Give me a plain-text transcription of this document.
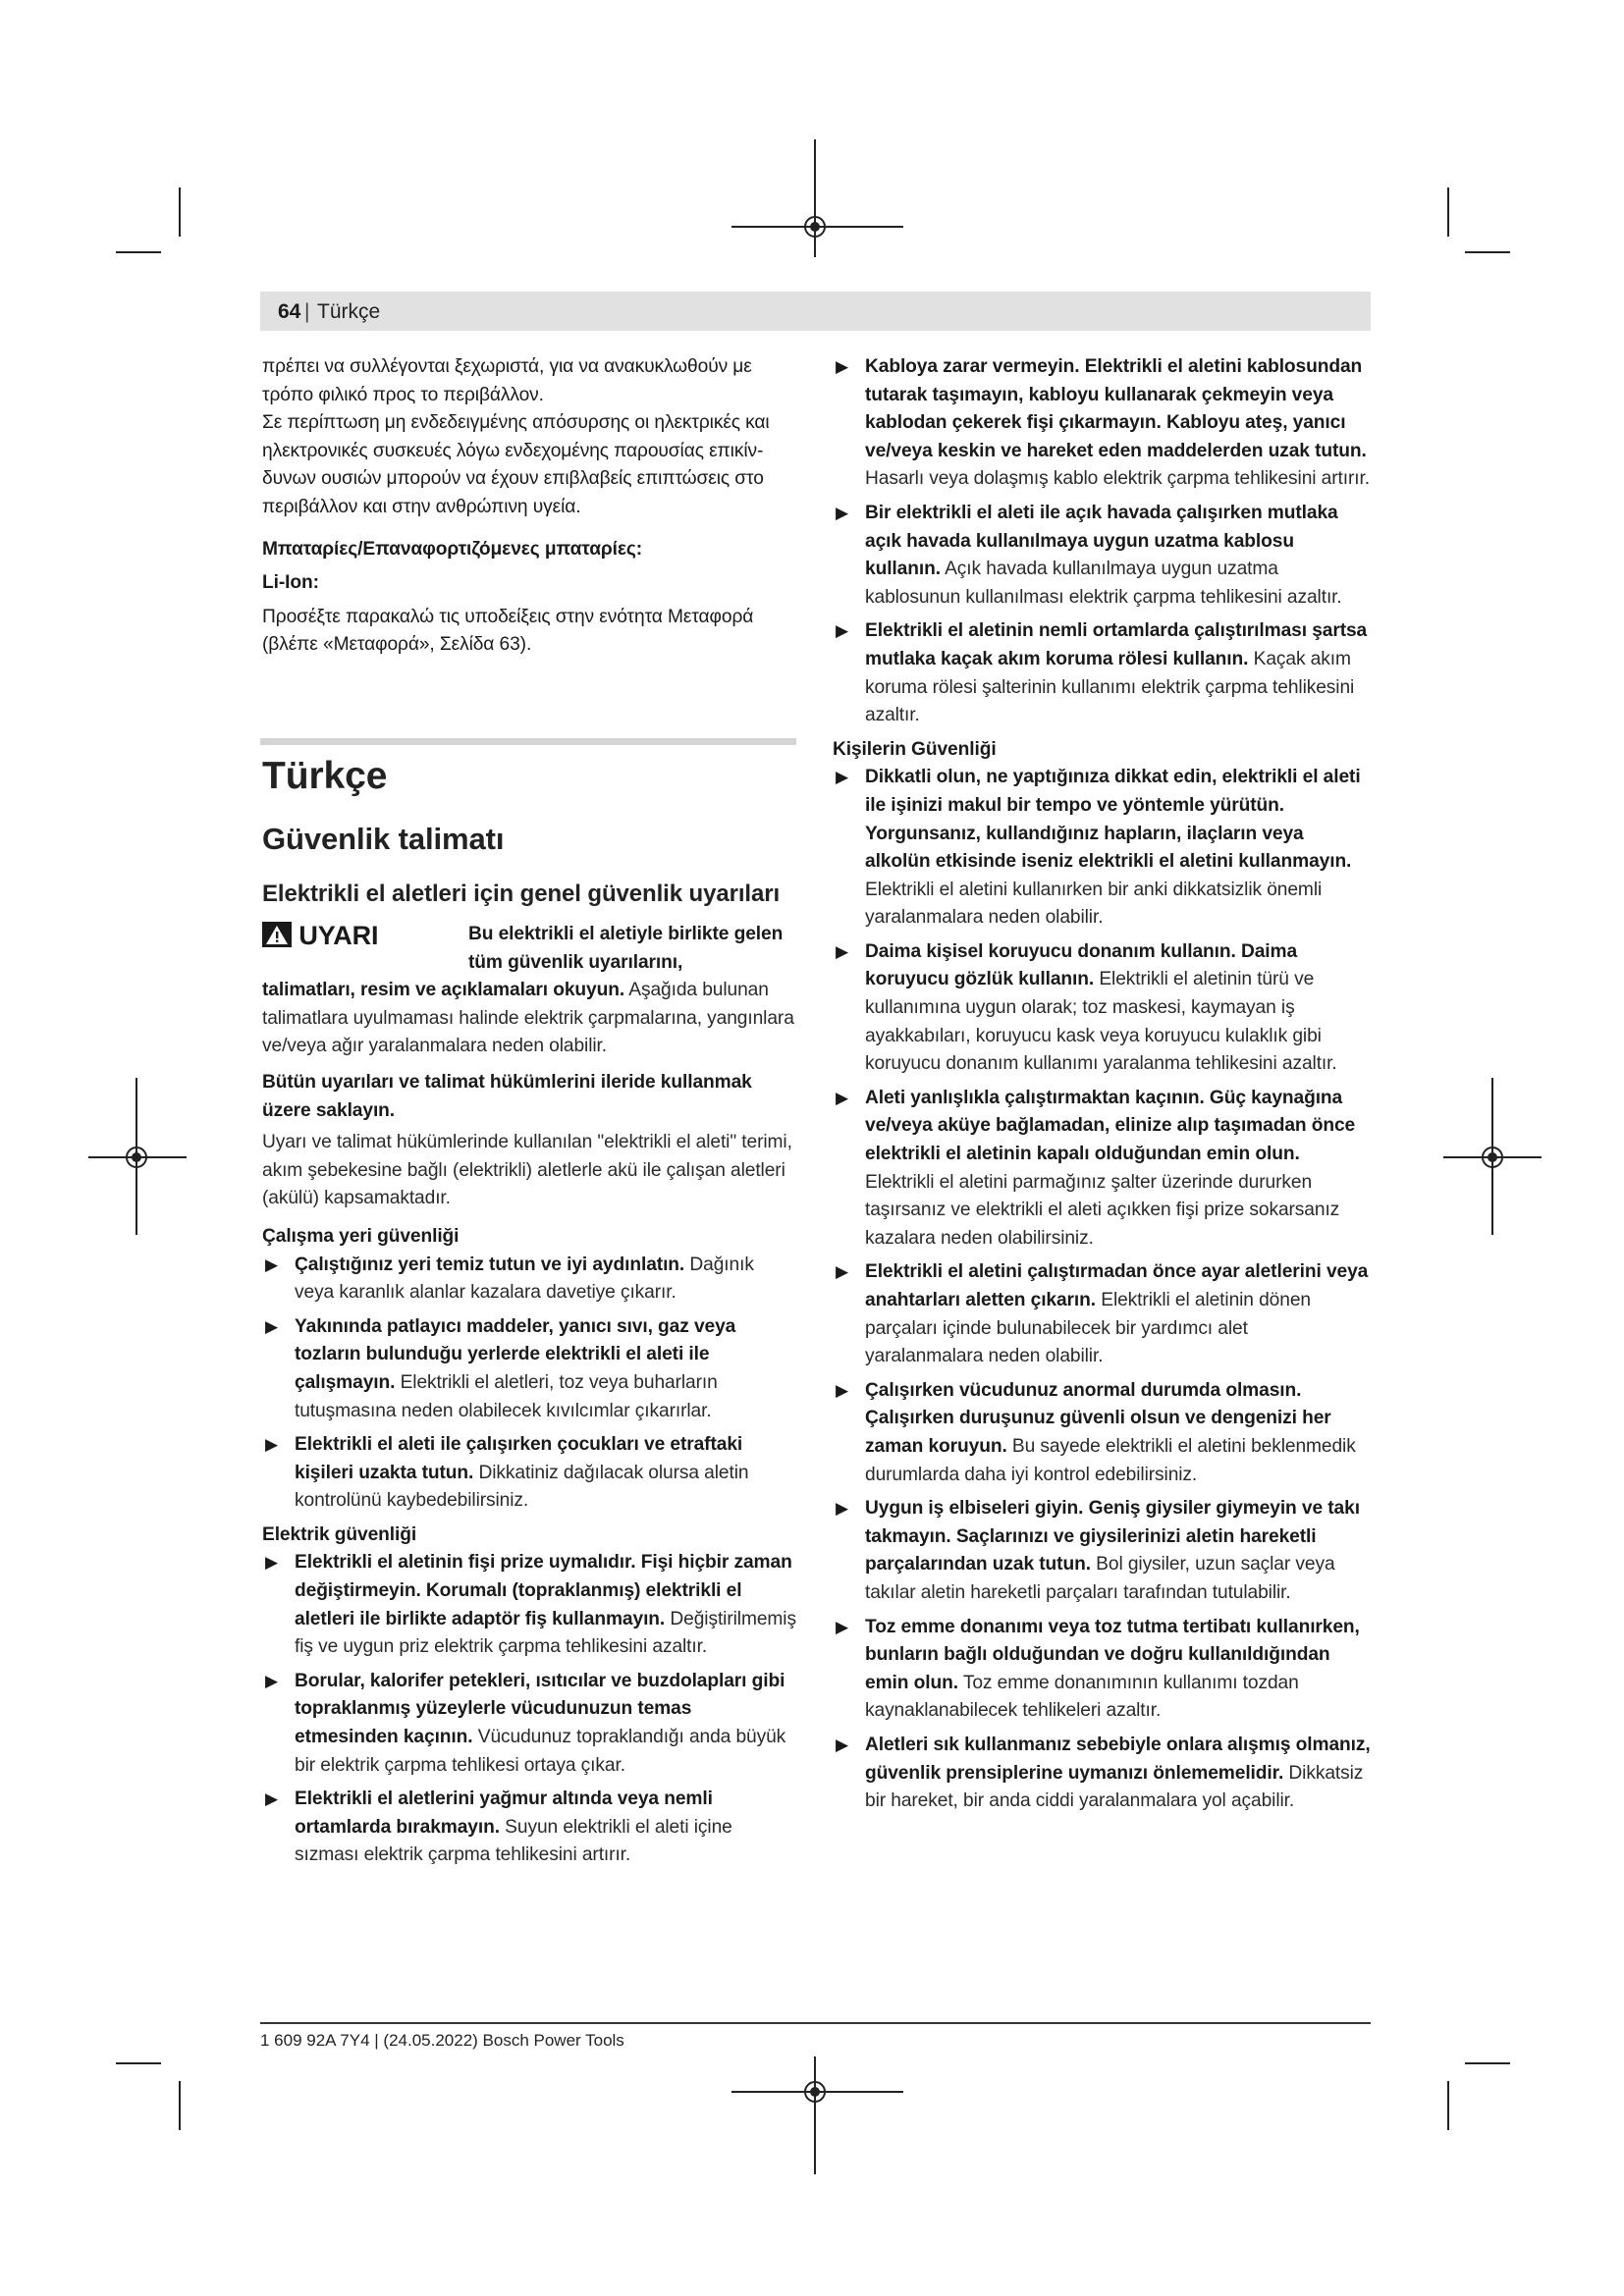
64 | Türkçe

πρέπει να συλλέγονται ξεχωριστά, για να ανακυκλωθούν με τρόπο φιλικό προς το περιβάλλον.

Σε περίπτωση μη ενδεδειγμένης απόσυρσης οι ηλεκτρικές και ηλεκτρονικές συσκευές λόγω ενδεχομένης παρουσίας επικίν-δυνων ουσιών μπορούν να έχουν επιβλαβείς επιπτώσεις στο περιβάλλον και στην ανθρώπινη υγεία.

Μπαταρίες/Επαναφορτιζόμενες μπαταρίες:

Li-Ion:

Προσέξτε παρακαλώ τις υποδείξεις στην ενότητα Μεταφορά (βλέπε «Μεταφορά», Σελίδα 63).

Türkçe
Güvenlik talimatı
Elektrikli el aletleri için genel güvenlik uyarıları
UYARI	Bu elektrikli el aletiyle birlikte gelen tüm güvenlik uyarılarını,

talimatları, resim ve açıklamaları okuyun. Aşağıda bulunan talimatlara uyulmaması halinde elektrik çarpmalarına, yangınlara ve/veya ağır yaralanmalara neden olabilir.

Bütün uyarıları ve talimat hükümlerini ileride kullanmak üzere saklayın.

Uyarı ve talimat hükümlerinde kullanılan "elektrikli el aleti" terimi, akım şebekesine bağlı (elektrikli) aletlerle akü ile çalışan aletleri (akülü) kapsamaktadır.

Çalışma yeri güvenliği

▶ Çalıştığınız yeri temiz tutun ve iyi aydınlatın. Dağınık veya karanlık alanlar kazalara davetiye çıkarır.
▶ Yakınında patlayıcı maddeler, yanıcı sıvı, gaz veya tozların bulunduğu yerlerde elektrikli el aleti ile çalışmayın. Elektrikli el aletleri, toz veya buharların tutuşmasına neden olabilecek kıvılcımlar çıkarırlar.
▶ Elektrikli el aleti ile çalışırken çocukları ve etraftaki kişileri uzakta tutun. Dikkatiniz dağılacak olursa aletin kontrolünü kaybedebilirsiniz.

Elektrik güvenliği

▶ Elektrikli el aletinin fişi prize uymalıdır. Fişi hiçbir zaman değiştirmeyin. Korumalı (topraklanmış) elektrikli el aletleri ile birlikte adaptör fiş kullanmayın. Değiştirilmemiş fiş ve uygun priz elektrik çarpma tehlikesini azaltır.
▶ Borular, kalorifer petekleri, ısıtıcılar ve buzdolapları gibi topraklanmış yüzeylerle vücudunuzun temas etmesinden kaçının. Vücudunuz topraklandığı anda büyük bir elektrik çarpma tehlikesi ortaya çıkar.
▶ Elektrikli el aletlerini yağmur altında veya nemli ortamlarda bırakmayın. Suyun elektrikli el aleti içine sızması elektrik çarpma tehlikesini artırır.
▶ Kabloya zarar vermeyin. Elektrikli el aletini kablosundan tutarak taşımayın, kabloyu kullanarak çekmeyin veya kablodan çekerek fişi çıkarmayın. Kabloyu ateş, yanıcı ve/veya keskin ve hareket eden maddelerden uzak tutun. Hasarlı veya dolaşmış kablo elektrik çarpma tehlikesini artırır.
▶ Bir elektrikli el aleti ile açık havada çalışırken mutlaka açık havada kullanılmaya uygun uzatma kablosu kullanın. Açık havada kullanılmaya uygun uzatma kablosunun kullanılması elektrik çarpma tehlikesini azaltır.
▶ Elektrikli el aletinin nemli ortamlarda çalıştırılması şartsa mutlaka kaçak akım koruma rölesi kullanın. Kaçak akım koruma rölesi şalterinin kullanımı elektrik çarpma tehlikesini azaltır.

Kişilerin Güvenliği

▶ Dikkatli olun, ne yaptığınıza dikkat edin, elektrikli el aleti ile işinizi makul bir tempo ve yöntemle yürütün. Yorgunsanız, kullandığınız hapların, ilaçların veya alkolün etkisinde iseniz elektrikli el aletini kullanmayın. Elektrikli el aletini kullanırken bir anki dikkatsizlik önemli yaralanmalara neden olabilir.
▶ Daima kişisel koruyucu donanım kullanın. Daima koruyucu gözlük kullanın. Elektrikli el aletinin türü ve kullanımına uygun olarak; toz maskesi, kaymayan iş ayakkabıları, koruyucu kask veya koruyucu kulaklık gibi koruyucu donanım kullanımı yaralanma tehlikesini azaltır.
▶ Aleti yanlışlıkla çalıştırmaktan kaçının. Güç kaynağına ve/veya aküye bağlamadan, elinize alıp taşımadan önce elektrikli el aletinin kapalı olduğundan emin olun. Elektrikli el aletini parmağınız şalter üzerinde dururken taşırsanız ve elektrikli el aleti açıkken fişi prize sokarsanız kazalara neden olabilirsiniz.
▶ Elektrikli el aletini çalıştırmadan önce ayar aletlerini veya anahtarları aletten çıkarın. Elektrikli el aletinin dönen parçaları içinde bulunabilecek bir yardımcı alet yaralanmalara neden olabilir.
▶ Çalışırken vücudunuz anormal durumda olmasın. Çalışırken duruşunuz güvenli olsun ve dengenizi her zaman koruyun. Bu sayede elektrikli el aletini beklenmedik durumlarda daha iyi kontrol edebilirsiniz.
▶ Uygun iş elbiseleri giyin. Geniş giysiler giymeyin ve takı takmayın. Saçlarınızı ve giysilerinizi aletin hareketli parçalarından uzak tutun. Bol giysiler, uzun saçlar veya takılar aletin hareketli parçaları tarafından tutulabilir.
▶ Toz emme donanımı veya toz tutma tertibatı kullanırken, bunların bağlı olduğundan ve doğru kullanıldığından emin olun. Toz emme donanımının kullanımı tozdan kaynaklanabilecek tehlikeleri azaltır.
▶ Aletleri sık kullanmanız sebebiyle onlara alışmış olmanız, güvenlik prensiplerine uymanızı önlememelidir. Dikkatsiz bir hareket, bir anda ciddi yaralanmalara yol açabilir.
1 609 92A 7Y4 | (24.05.2022) Bosch Power Tools
